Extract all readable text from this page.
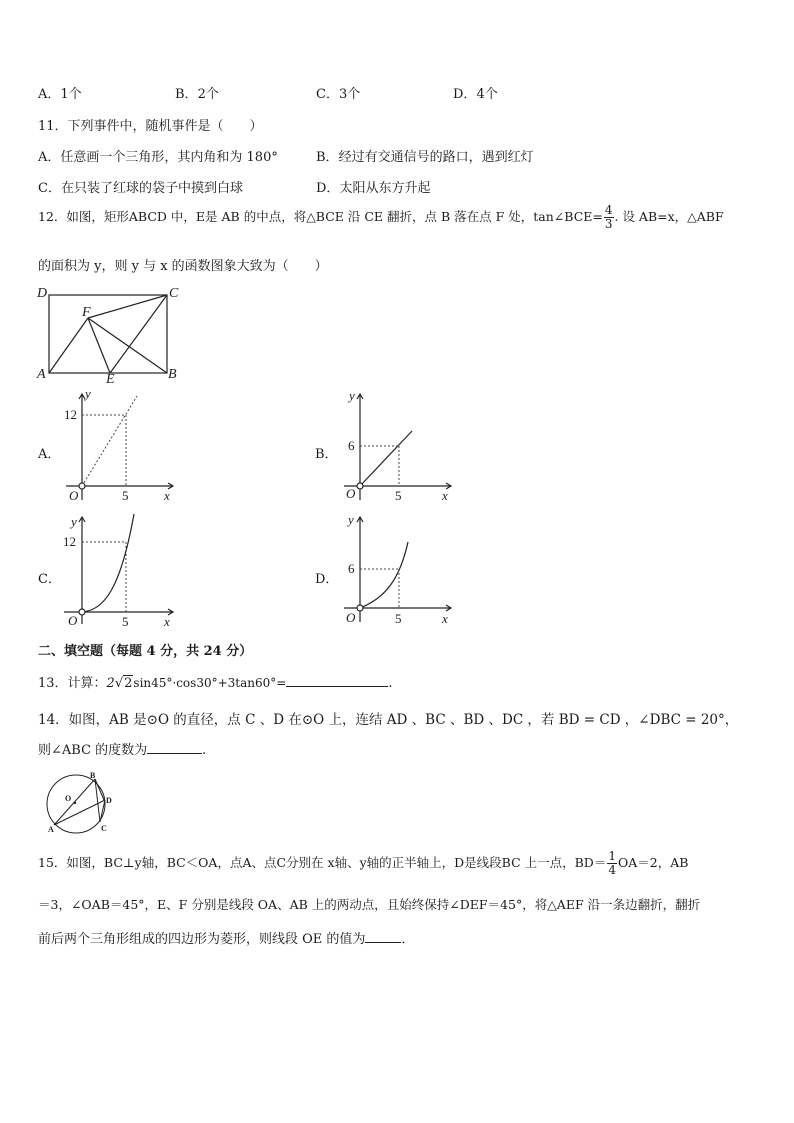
A．1个	B．2个	C．3个	D．4个
11．下列事件中，随机事件是（　　）
A．任意画一个三角形，其内角和为 180°	B．经过有交通信号的路口，遇到红灯
C．在只装了红球的袋子中摸到白球	D．太阳从东方升起
12．如图，矩形ABCD 中，E是 AB 的中点，将△BCE 沿 CE 翻折，点 B 落在点 F 处，tan∠BCE= $\frac{4}{3}$ . 设 AB=x，△ABF
的面积为 y，则 y 与 x 的函数图象大致为（　　）
D	C
F
A	E	B
A．
y
x
12
5
O
B．
y
x
6
5
O
C．
y
x
12
5
O
D．
y
x
6
5
O
二、填空题（每题 4 分，共 24 分）
13．计算：2√2sin45°·cos30°+3tan60°=	.
14．如图，AB 是⊙O 的直径，点 C 、D 在⊙O 上，连结 AD 、BC 、BD 、DC ，若 BD = CD ，∠DBC = 20°，
则∠ABC 的度数为	.
B
O	D
A	C
15．如图，BC⊥y轴，BC＜OA，点A、点C分别在 x轴、y轴的正半轴上，D是线段BC 上一点，$BD= \frac{1}{4} OA=2$，AB
＝3，∠OAB＝45°，E、F 分别是线段 OA、AB 上的两动点，且始终保持∠DEF＝45°，将△AEF 沿一条边翻折，翻折
前后两个三角形组成的四边形为菱形，则线段 OE 的值为	．
